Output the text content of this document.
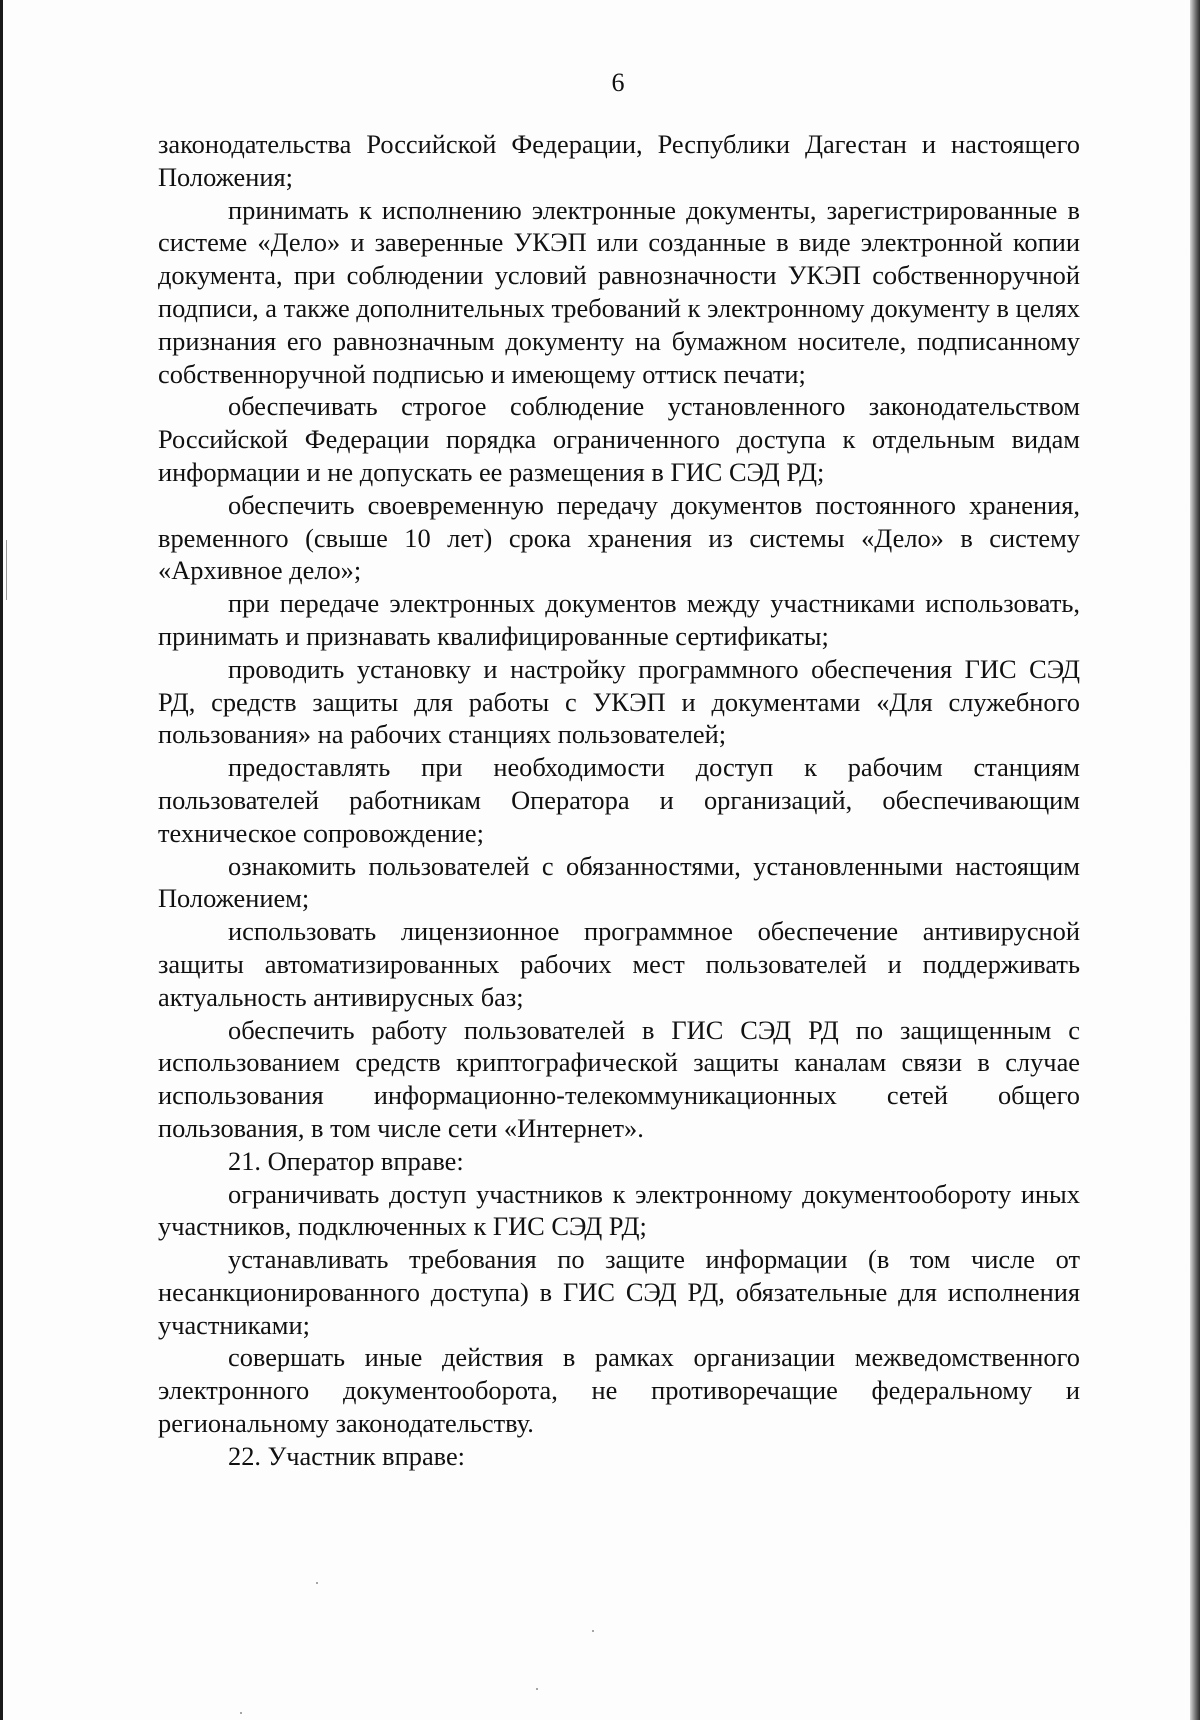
6

законодательства Российской Федерации, Республики Дагестан и настоящего Положения;

принимать к исполнению электронные документы, зарегистрированные в системе «Дело» и заверенные УКЭП или созданные в виде электронной копии документа, при соблюдении условий равнозначности УКЭП собственноручной подписи, а также дополнительных требований к электронному документу в целях признания его равнозначным документу на бумажном носителе, подписанному собственноручной подписью и имеющему оттиск печати;

обеспечивать строгое соблюдение установленного законодательством Российской Федерации порядка ограниченного доступа к отдельным видам информации и не допускать ее размещения в ГИС СЭД РД;

обеспечить своевременную передачу документов постоянного хранения, временного (свыше 10 лет) срока хранения из системы «Дело» в систему «Архивное дело»;

при передаче электронных документов между участниками использовать, принимать и признавать квалифицированные сертификаты;

проводить установку и настройку программного обеспечения ГИС СЭД РД, средств защиты для работы с УКЭП и документами «Для служебного пользования» на рабочих станциях пользователей;

предоставлять при необходимости доступ к рабочим станциям пользователей работникам Оператора и организаций, обеспечивающим техническое сопровождение;

ознакомить пользователей с обязанностями, установленными настоящим Положением;

использовать лицензионное программное обеспечение антивирусной защиты автоматизированных рабочих мест пользователей и поддерживать актуальность антивирусных баз;

обеспечить работу пользователей в ГИС СЭД РД по защищенным с использованием средств криптографической защиты каналам связи в случае использования информационно-телекоммуникационных сетей общего пользования, в том числе сети «Интернет».

21. Оператор вправе:

ограничивать доступ участников к электронному документообороту иных участников, подключенных к ГИС СЭД РД;

устанавливать требования по защите информации (в том числе от несанкционированного доступа) в ГИС СЭД РД, обязательные для исполнения участниками;

совершать иные действия в рамках организации межведомственного электронного документооборота, не противоречащие федеральному и региональному законодательству.

22. Участник вправе:
